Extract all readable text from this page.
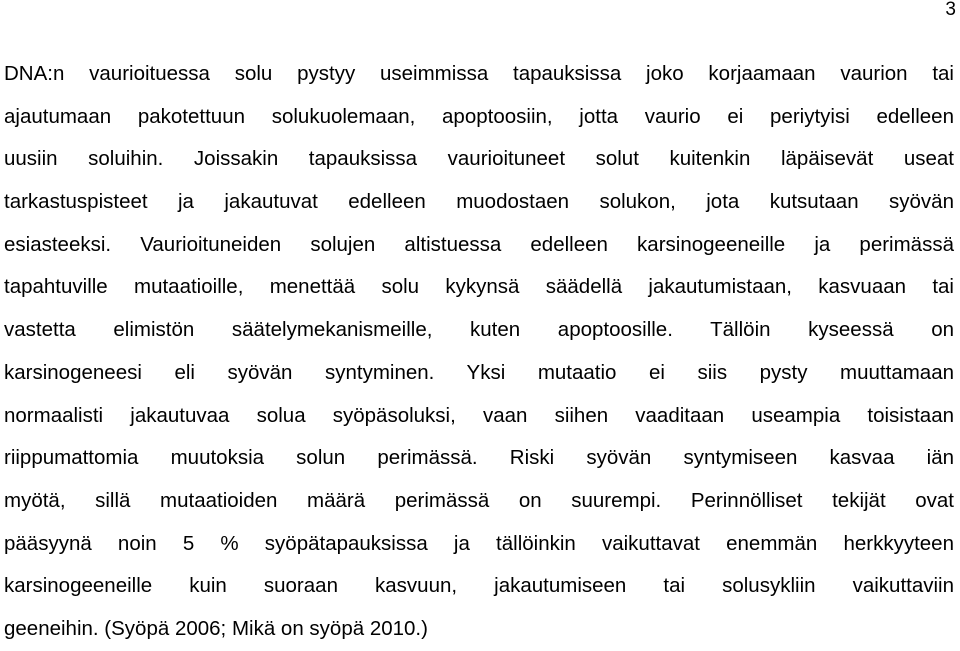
3
DNA:n vaurioituessa solu pystyy useimmissa tapauksissa joko korjaamaan vaurion tai
ajautumaan pakotettuun solukuolemaan, apoptoosiin, jotta vaurio ei periytyisi edelleen
uusiin soluihin. Joissakin tapauksissa vaurioituneet solut kuitenkin läpäisevät useat
tarkastuspisteet ja jakautuvat edelleen muodostaen solukon, jota kutsutaan syövän
esiasteeksi. Vaurioituneiden solujen altistuessa edelleen karsinogeeneille ja perimässä
tapahtuville mutaatioille, menettää solu kykynsä säädellä jakautumistaan, kasvuaan tai
vastetta elimistön säätelymekanismeille, kuten apoptoosille. Tällöin kyseessä on
karsinogeneesi eli syövän syntyminen. Yksi mutaatio ei siis pysty muuttamaan
normaalisti jakautuvaa solua syöpäsoluksi, vaan siihen vaaditaan useampia toisistaan
riippumattomia muutoksia solun perimässä. Riski syövän syntymiseen kasvaa iän
myötä, sillä mutaatioiden määrä perimässä on suurempi. Perinnölliset tekijät ovat
pääsyynä noin 5 % syöpätapauksissa ja tällöinkin vaikuttavat enemmän herkkyyteen
karsinogeeneille kuin suoraan kasvuun, jakautumiseen tai solusykliin vaikuttaviin
geeneihin. (Syöpä 2006; Mikä on syöpä 2010.)
